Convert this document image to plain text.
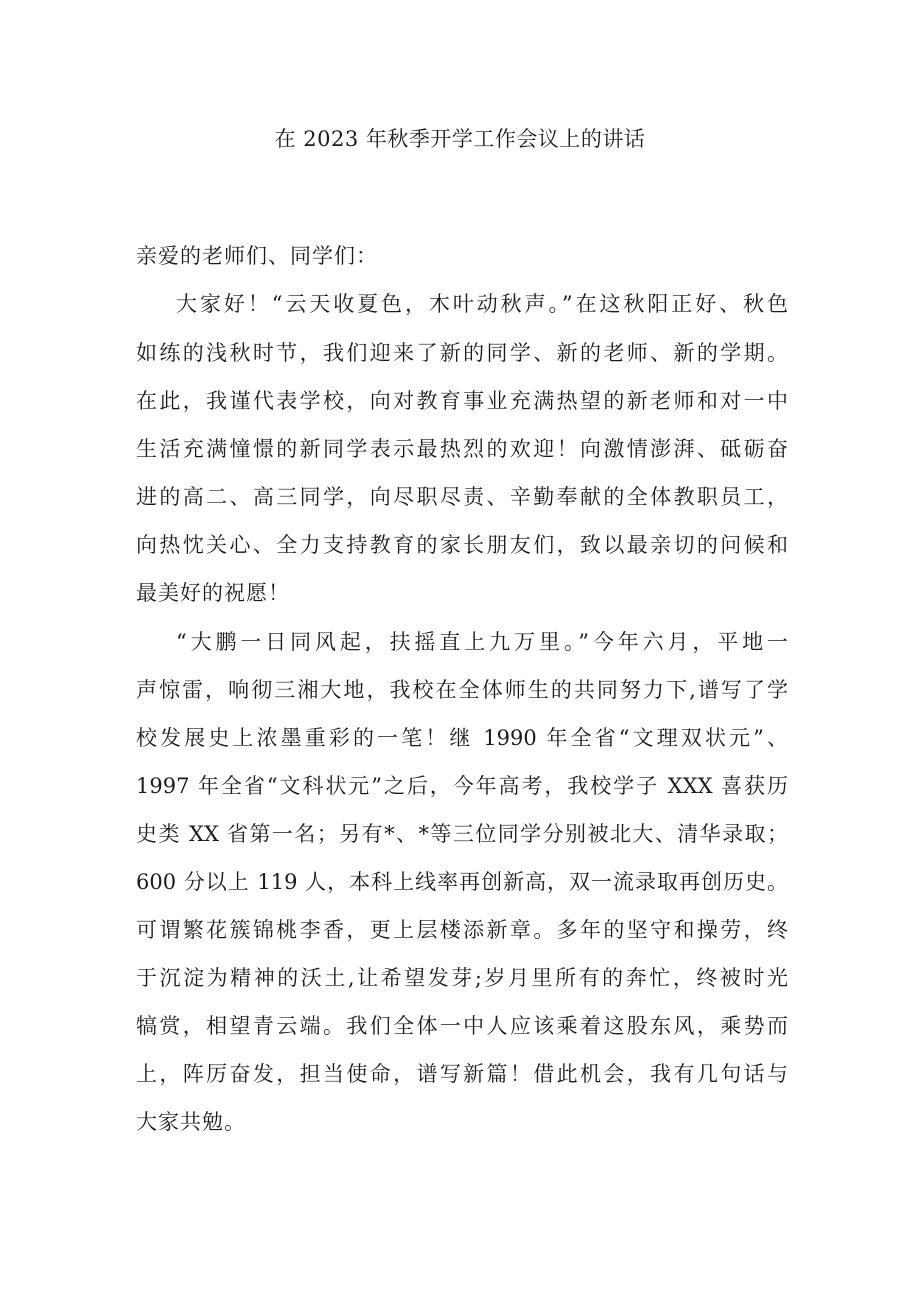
在 2023 年秋季开学工作会议上的讲话
亲爱的老师们、同学们：
大家好！“云天收夏色，木叶动秋声。”在这秋阳正好、秋色
如练的浅秋时节，我们迎来了新的同学、新的老师、新的学期。
在此，我谨代表学校，向对教育事业充满热望的新老师和对一中
生活充满憧憬的新同学表示最热烈的欢迎！向激情澎湃、砥砺奋
进的高二、高三同学，向尽职尽责、辛勤奉献的全体教职员工，
向热忱关心、全力支持教育的家长朋友们，致以最亲切的问候和
最美好的祝愿！
“大鹏一日同风起，扶摇直上九万里。”今年六月，平地一
声惊雷，响彻三湘大地，我校在全体师生的共同努力下,谱写了学
校发展史上浓墨重彩的一笔！继 1990 年全省“文理双状元”、
1997 年全省“文科状元”之后，今年高考，我校学子 XXX 喜获历
史类 XX 省第一名；另有*、*等三位同学分别被北大、清华录取；
600 分以上 119 人，本科上线率再创新高，双一流录取再创历史。
可谓繁花簇锦桃李香，更上层楼添新章。多年的坚守和操劳，终
于沉淀为精神的沃土,让希望发芽;岁月里所有的奔忙，终被时光
犒赏，相望青云端。我们全体一中人应该乘着这股东风，乘势而
上，阵厉奋发，担当使命，谱写新篇！借此机会，我有几句话与
大家共勉。
